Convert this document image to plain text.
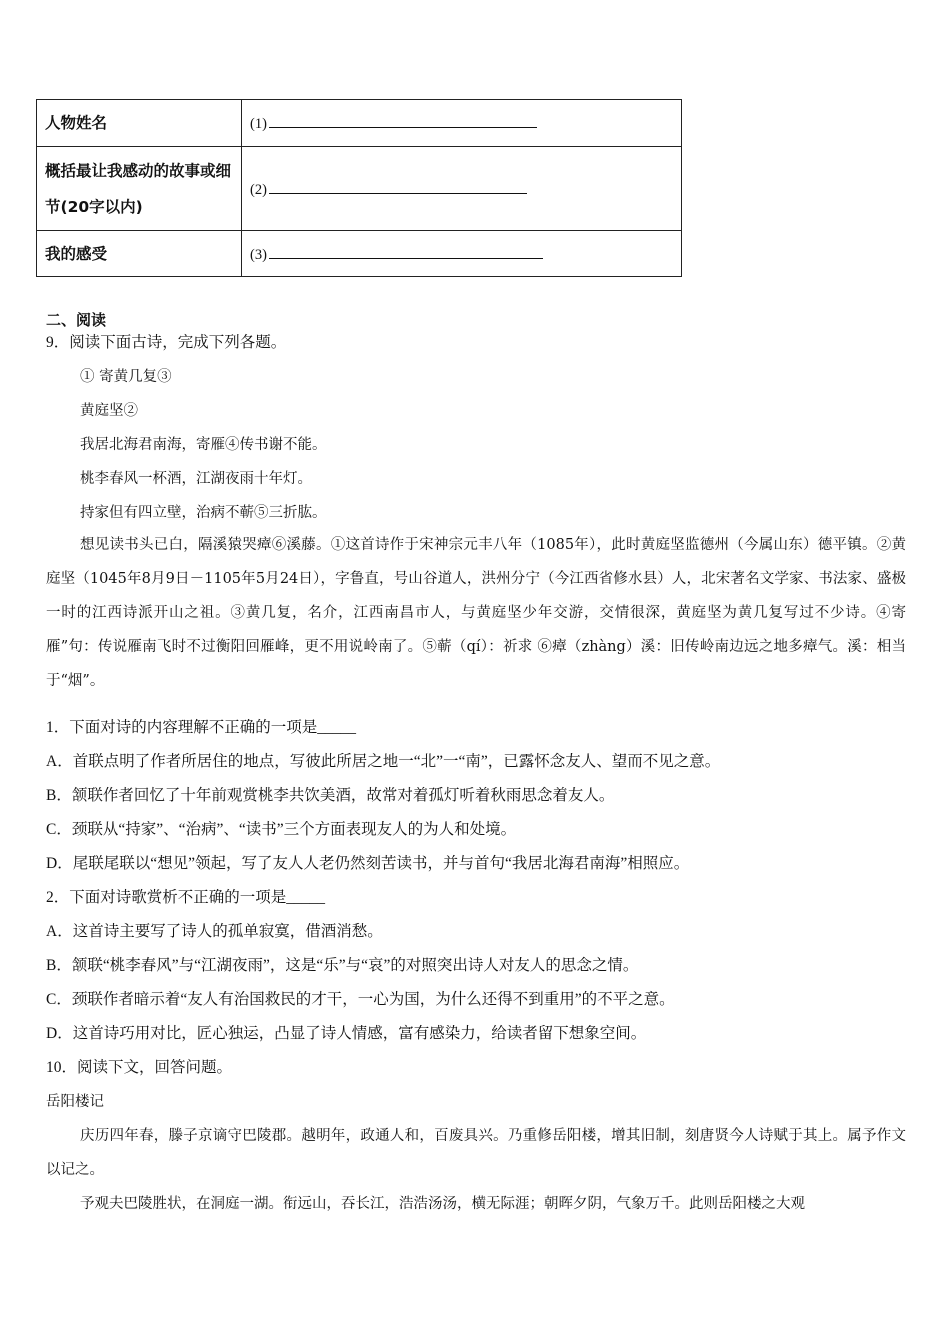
人物姓名	(1)
概括最让我感动的故事或细节(20字以内)	(2)
我的感受	(3)
二、阅读
9．阅读下面古诗，完成下列各题。
① 寄黄几复③
黄庭坚②
我居北海君南海，寄雁④传书谢不能。
桃李春风一杯酒，江湖夜雨十年灯。
持家但有四立壁，治病不蕲⑤三折肱。
想见读书头已白，隔溪猿哭瘴⑥溪藤。①这首诗作于宋神宗元丰八年（1085年），此时黄庭坚监德州（今属山东）德平镇。②黄庭坚（1045年8月9日－1105年5月24日），字鲁直，号山谷道人，洪州分宁（今江西省修水县）人，北宋著名文学家、书法家、盛极一时的江西诗派开山之祖。③黄几复，名介，江西南昌市人，与黄庭坚少年交游，交情很深，黄庭坚为黄几复写过不少诗。④寄雁”句：传说雁南飞时不过衡阳回雁峰，更不用说岭南了。⑤蕲（qí）：祈求 ⑥瘴（zhàng）溪：旧传岭南边远之地多瘴气。溪：相当于“烟”。
1．下面对诗的内容理解不正确的一项是_____
A．首联点明了作者所居住的地点，写彼此所居之地一“北”一“南”，已露怀念友人、望而不见之意。
B．颔联作者回忆了十年前观赏桃李共饮美酒，故常对着孤灯听着秋雨思念着友人。
C．颈联从“持家”、“治病”、“读书”三个方面表现友人的为人和处境。
D．尾联尾联以“想见”领起，写了友人人老仍然刻苦读书，并与首句“我居北海君南海”相照应。
2．下面对诗歌赏析不正确的一项是_____
A．这首诗主要写了诗人的孤单寂寞，借酒消愁。
B．颔联“桃李春风”与“江湖夜雨”，这是“乐”与“哀”的对照突出诗人对友人的思念之情。
C．颈联作者暗示着“友人有治国救民的才干，一心为国，为什么还得不到重用”的不平之意。
D．这首诗巧用对比，匠心独运，凸显了诗人情感，富有感染力，给读者留下想象空间。
10．阅读下文，回答问题。
岳阳楼记
庆历四年春，滕子京谪守巴陵郡。越明年，政通人和，百废具兴。乃重修岳阳楼，增其旧制，刻唐贤今人诗赋于其上。属予作文以记之。
予观夫巴陵胜状，在洞庭一湖。衔远山，吞长江，浩浩汤汤，横无际涯；朝晖夕阴，气象万千。此则岳阳楼之大观
